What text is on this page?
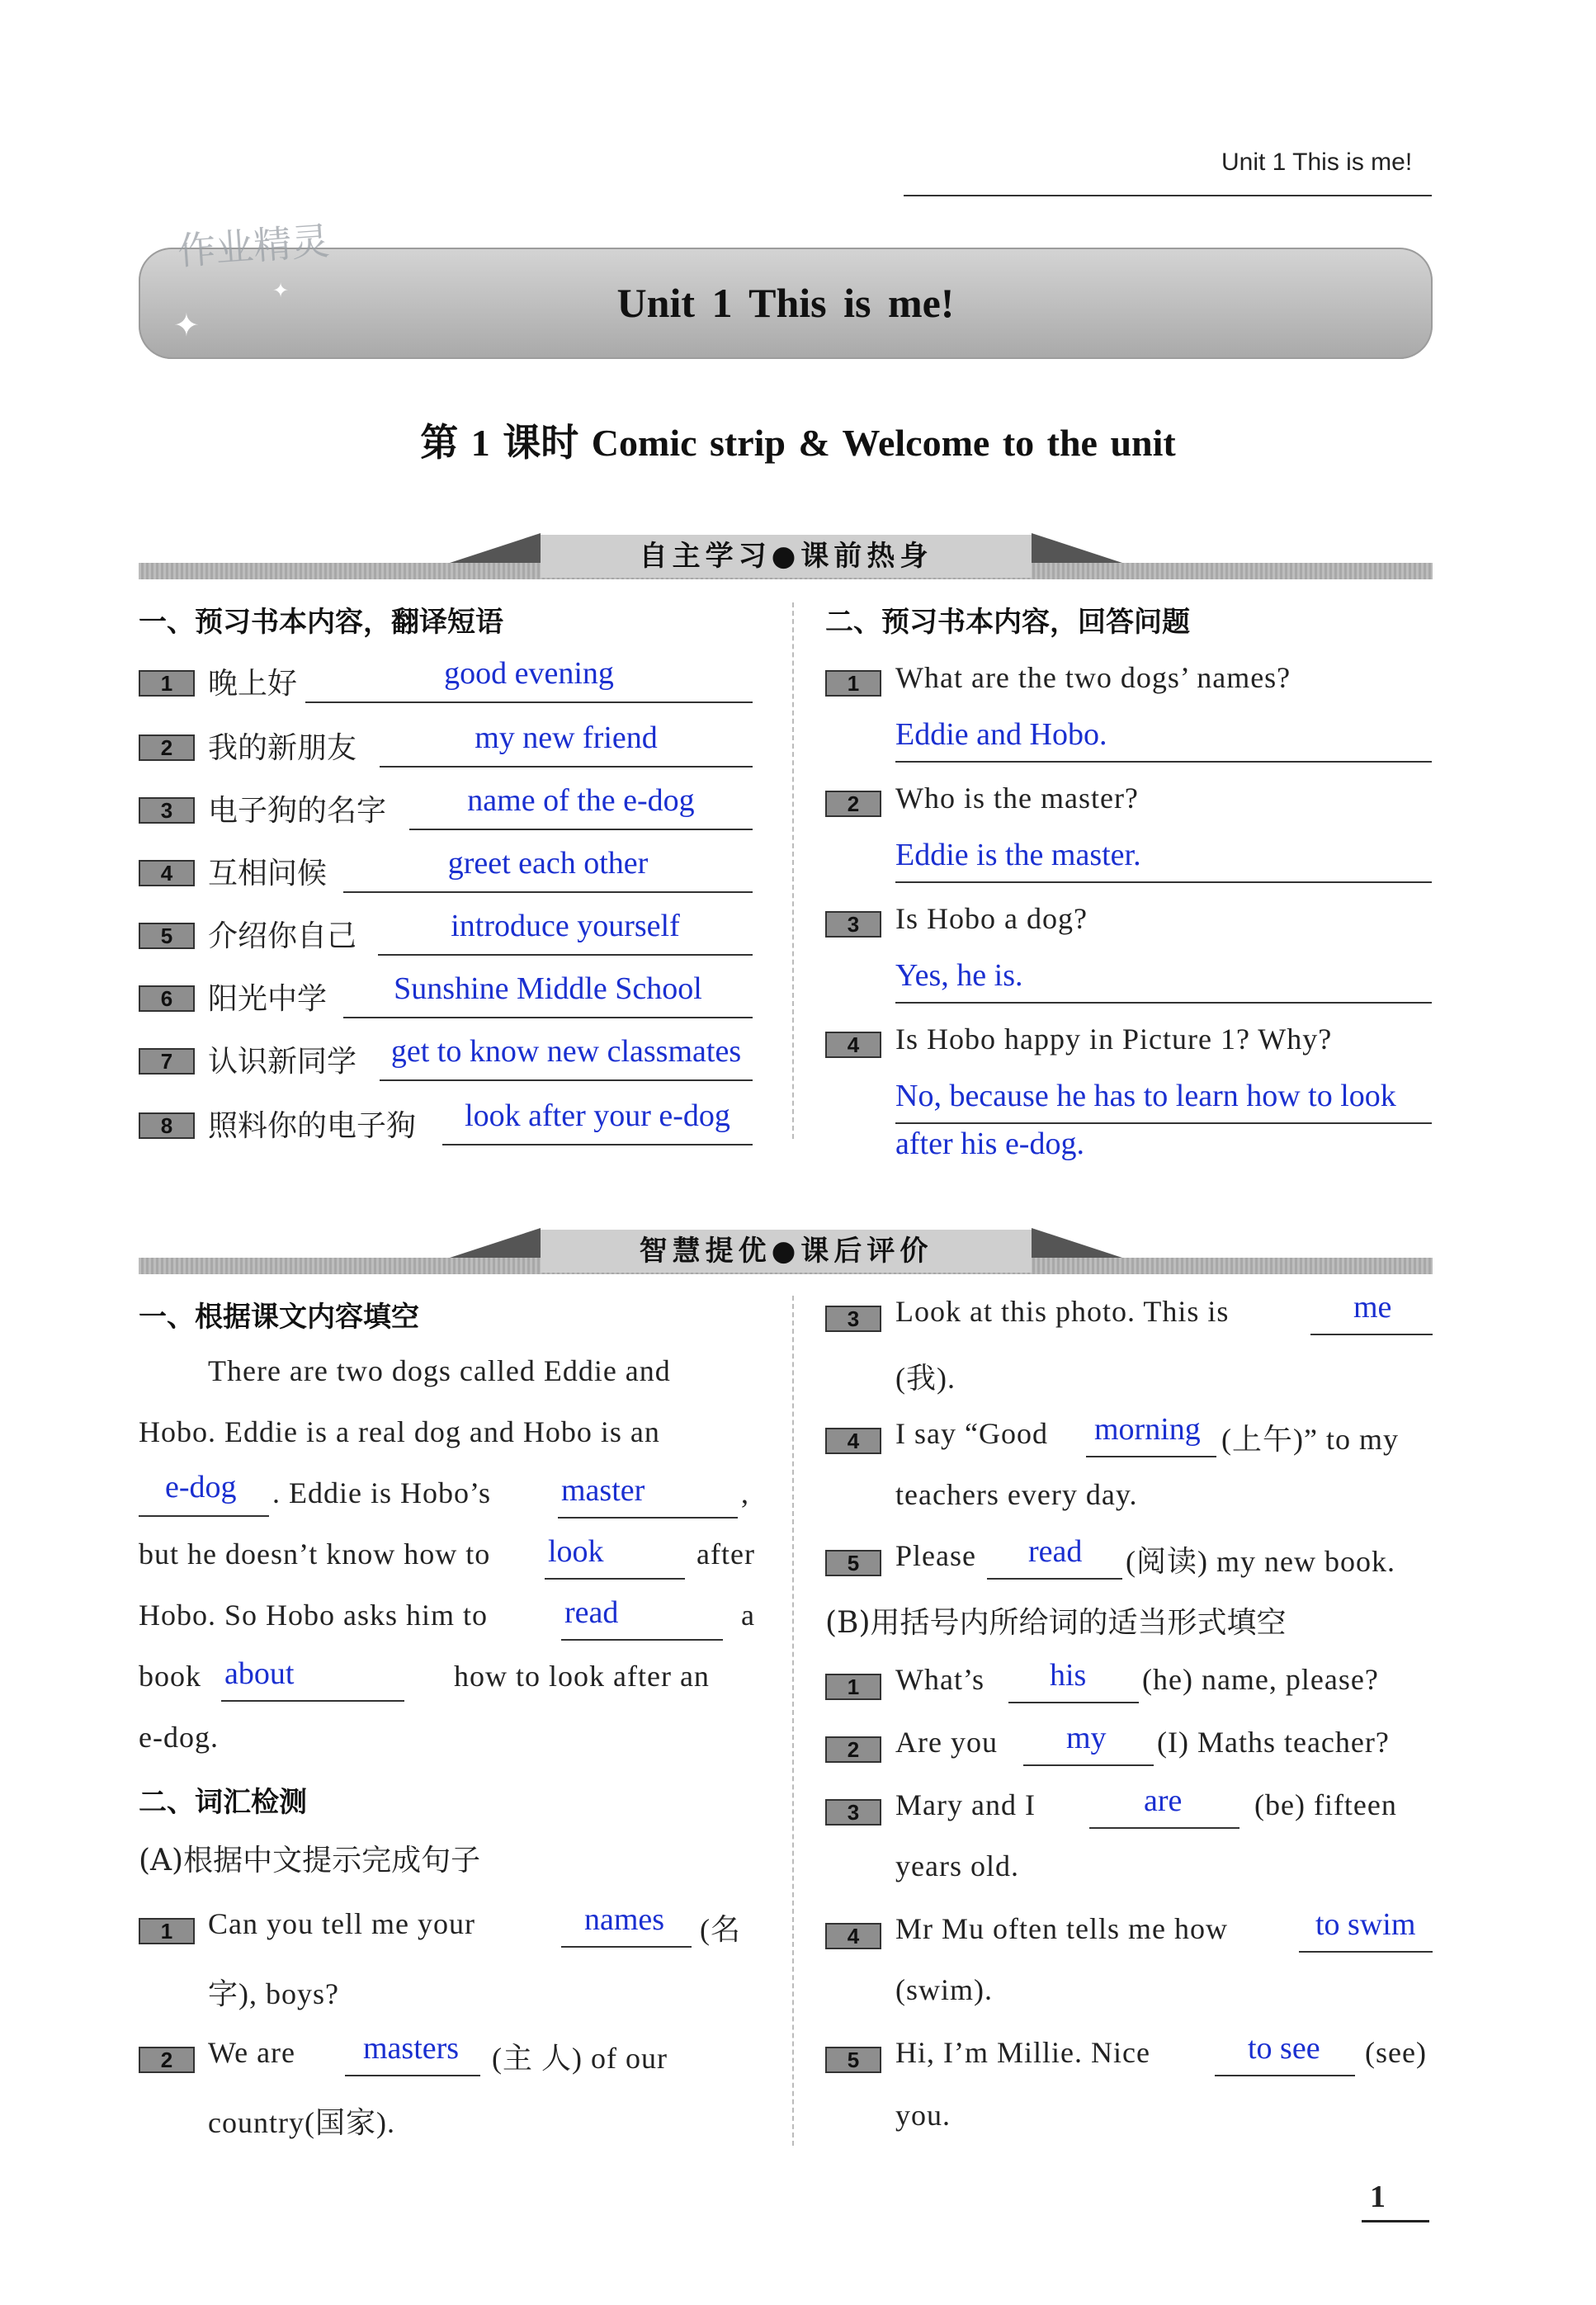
Unit 1 This is me!
Unit 1 This is me!
作业精灵
✦
✦
第 1 课时 Comic strip & Welcome to the unit
自主学习●课前热身
一、预习书本内容，翻译短语
1	晚上好	good evening
2	我的新朋友	my new friend
3	电子狗的名字	name of the e-dog
4	互相问候	greet each other
5	介绍你自己	introduce yourself
6	阳光中学	Sunshine Middle School
7	认识新同学	get to know new classmates
8	照料你的电子狗	look after your e-dog
二、预习书本内容，回答问题
1	What are the two dogs’ names?
Eddie and Hobo.
2	Who is the master?
Eddie is the master.
3	Is Hobo a dog?
Yes, he is.
4	Is Hobo happy in Picture 1? Why?
No, because he has to learn how to look
after his e-dog.
智慧提优●课后评价
一、根据课文内容填空
There are two dogs called Eddie and
Hobo. Eddie is a real dog and Hobo is an
e-dog . Eddie is Hobo’s master	,
but he doesn’t know how to look	after
Hobo. So Hobo asks him to read	a
book about	how to look after an
e-dog.
二、词汇检测
(A)根据中文提示完成句子
1	Can you tell me your	names (名
字), boys?
2	We are masters (主 人) of our
country(国家).
3	Look at this photo. This is	me
(我).
4	I say “Good morning (上午)” to my
teachers every day.
5	Please read (阅读) my new book.
(B)用括号内所给词的适当形式填空
1	What’s his (he) name, please?
2	Are you my (I) Maths teacher?
3	Mary and I	are (be) fifteen
years old.
4	Mr Mu often tells me how	to swim
(swim).
5	Hi, I’m Millie. Nice	to see (see)
you.
1
